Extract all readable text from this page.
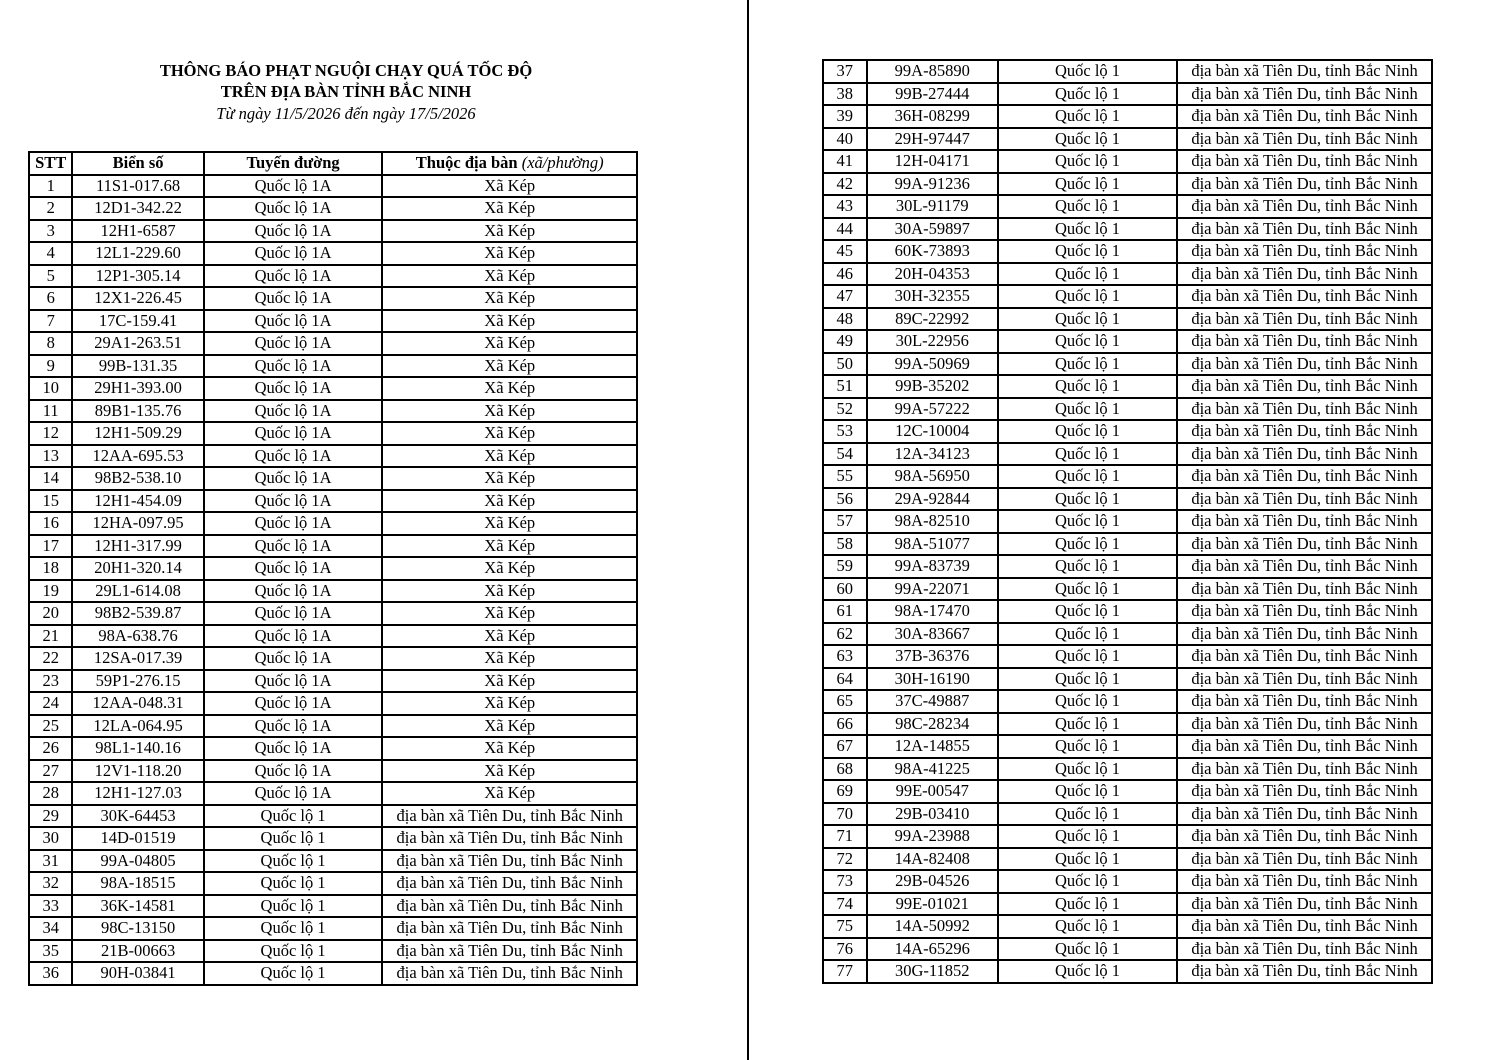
THÔNG BÁO PHẠT NGUỘI CHẠY QUÁ TỐC ĐỘ
TRÊN ĐỊA BÀN TỈNH BẮC NINH
Từ ngày 11/5/2026 đến ngày 17/5/2026
STT	Biển số	Tuyến đường	Thuộc địa bàn (xã/phường)
1	11S1-017.68	Quốc lộ 1A	Xã Kép
2	12D1-342.22	Quốc lộ 1A	Xã Kép
3	12H1-6587	Quốc lộ 1A	Xã Kép
4	12L1-229.60	Quốc lộ 1A	Xã Kép
5	12P1-305.14	Quốc lộ 1A	Xã Kép
6	12X1-226.45	Quốc lộ 1A	Xã Kép
7	17C-159.41	Quốc lộ 1A	Xã Kép
8	29A1-263.51	Quốc lộ 1A	Xã Kép
9	99B-131.35	Quốc lộ 1A	Xã Kép
10	29H1-393.00	Quốc lộ 1A	Xã Kép
11	89B1-135.76	Quốc lộ 1A	Xã Kép
12	12H1-509.29	Quốc lộ 1A	Xã Kép
13	12AA-695.53	Quốc lộ 1A	Xã Kép
14	98B2-538.10	Quốc lộ 1A	Xã Kép
15	12H1-454.09	Quốc lộ 1A	Xã Kép
16	12HA-097.95	Quốc lộ 1A	Xã Kép
17	12H1-317.99	Quốc lộ 1A	Xã Kép
18	20H1-320.14	Quốc lộ 1A	Xã Kép
19	29L1-614.08	Quốc lộ 1A	Xã Kép
20	98B2-539.87	Quốc lộ 1A	Xã Kép
21	98A-638.76	Quốc lộ 1A	Xã Kép
22	12SA-017.39	Quốc lộ 1A	Xã Kép
23	59P1-276.15	Quốc lộ 1A	Xã Kép
24	12AA-048.31	Quốc lộ 1A	Xã Kép
25	12LA-064.95	Quốc lộ 1A	Xã Kép
26	98L1-140.16	Quốc lộ 1A	Xã Kép
27	12V1-118.20	Quốc lộ 1A	Xã Kép
28	12H1-127.03	Quốc lộ 1A	Xã Kép
29	30K-64453	Quốc lộ 1	địa bàn xã Tiên Du, tỉnh Bắc Ninh
30	14D-01519	Quốc lộ 1	địa bàn xã Tiên Du, tỉnh Bắc Ninh
31	99A-04805	Quốc lộ 1	địa bàn xã Tiên Du, tỉnh Bắc Ninh
32	98A-18515	Quốc lộ 1	địa bàn xã Tiên Du, tỉnh Bắc Ninh
33	36K-14581	Quốc lộ 1	địa bàn xã Tiên Du, tỉnh Bắc Ninh
34	98C-13150	Quốc lộ 1	địa bàn xã Tiên Du, tỉnh Bắc Ninh
35	21B-00663	Quốc lộ 1	địa bàn xã Tiên Du, tỉnh Bắc Ninh
36	90H-03841	Quốc lộ 1	địa bàn xã Tiên Du, tỉnh Bắc Ninh
37	99A-85890	Quốc lộ 1	địa bàn xã Tiên Du, tỉnh Bắc Ninh
38	99B-27444	Quốc lộ 1	địa bàn xã Tiên Du, tỉnh Bắc Ninh
39	36H-08299	Quốc lộ 1	địa bàn xã Tiên Du, tỉnh Bắc Ninh
40	29H-97447	Quốc lộ 1	địa bàn xã Tiên Du, tỉnh Bắc Ninh
41	12H-04171	Quốc lộ 1	địa bàn xã Tiên Du, tỉnh Bắc Ninh
42	99A-91236	Quốc lộ 1	địa bàn xã Tiên Du, tỉnh Bắc Ninh
43	30L-91179	Quốc lộ 1	địa bàn xã Tiên Du, tỉnh Bắc Ninh
44	30A-59897	Quốc lộ 1	địa bàn xã Tiên Du, tỉnh Bắc Ninh
45	60K-73893	Quốc lộ 1	địa bàn xã Tiên Du, tỉnh Bắc Ninh
46	20H-04353	Quốc lộ 1	địa bàn xã Tiên Du, tỉnh Bắc Ninh
47	30H-32355	Quốc lộ 1	địa bàn xã Tiên Du, tỉnh Bắc Ninh
48	89C-22992	Quốc lộ 1	địa bàn xã Tiên Du, tỉnh Bắc Ninh
49	30L-22956	Quốc lộ 1	địa bàn xã Tiên Du, tỉnh Bắc Ninh
50	99A-50969	Quốc lộ 1	địa bàn xã Tiên Du, tỉnh Bắc Ninh
51	99B-35202	Quốc lộ 1	địa bàn xã Tiên Du, tỉnh Bắc Ninh
52	99A-57222	Quốc lộ 1	địa bàn xã Tiên Du, tỉnh Bắc Ninh
53	12C-10004	Quốc lộ 1	địa bàn xã Tiên Du, tỉnh Bắc Ninh
54	12A-34123	Quốc lộ 1	địa bàn xã Tiên Du, tỉnh Bắc Ninh
55	98A-56950	Quốc lộ 1	địa bàn xã Tiên Du, tỉnh Bắc Ninh
56	29A-92844	Quốc lộ 1	địa bàn xã Tiên Du, tỉnh Bắc Ninh
57	98A-82510	Quốc lộ 1	địa bàn xã Tiên Du, tỉnh Bắc Ninh
58	98A-51077	Quốc lộ 1	địa bàn xã Tiên Du, tỉnh Bắc Ninh
59	99A-83739	Quốc lộ 1	địa bàn xã Tiên Du, tỉnh Bắc Ninh
60	99A-22071	Quốc lộ 1	địa bàn xã Tiên Du, tỉnh Bắc Ninh
61	98A-17470	Quốc lộ 1	địa bàn xã Tiên Du, tỉnh Bắc Ninh
62	30A-83667	Quốc lộ 1	địa bàn xã Tiên Du, tỉnh Bắc Ninh
63	37B-36376	Quốc lộ 1	địa bàn xã Tiên Du, tỉnh Bắc Ninh
64	30H-16190	Quốc lộ 1	địa bàn xã Tiên Du, tỉnh Bắc Ninh
65	37C-49887	Quốc lộ 1	địa bàn xã Tiên Du, tỉnh Bắc Ninh
66	98C-28234	Quốc lộ 1	địa bàn xã Tiên Du, tỉnh Bắc Ninh
67	12A-14855	Quốc lộ 1	địa bàn xã Tiên Du, tỉnh Bắc Ninh
68	98A-41225	Quốc lộ 1	địa bàn xã Tiên Du, tỉnh Bắc Ninh
69	99E-00547	Quốc lộ 1	địa bàn xã Tiên Du, tỉnh Bắc Ninh
70	29B-03410	Quốc lộ 1	địa bàn xã Tiên Du, tỉnh Bắc Ninh
71	99A-23988	Quốc lộ 1	địa bàn xã Tiên Du, tỉnh Bắc Ninh
72	14A-82408	Quốc lộ 1	địa bàn xã Tiên Du, tỉnh Bắc Ninh
73	29B-04526	Quốc lộ 1	địa bàn xã Tiên Du, tỉnh Bắc Ninh
74	99E-01021	Quốc lộ 1	địa bàn xã Tiên Du, tỉnh Bắc Ninh
75	14A-50992	Quốc lộ 1	địa bàn xã Tiên Du, tỉnh Bắc Ninh
76	14A-65296	Quốc lộ 1	địa bàn xã Tiên Du, tỉnh Bắc Ninh
77	30G-11852	Quốc lộ 1	địa bàn xã Tiên Du, tỉnh Bắc Ninh
